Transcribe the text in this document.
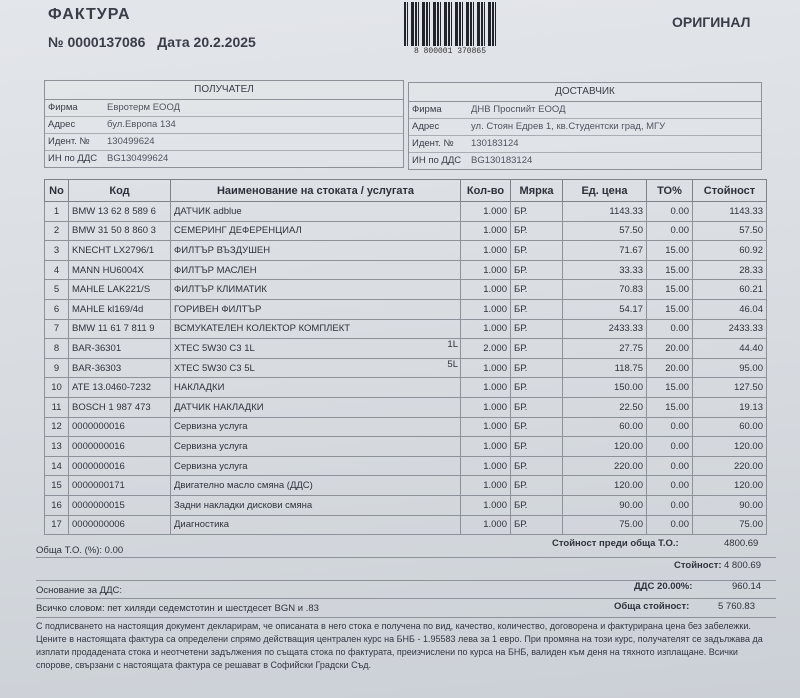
ФАКТУРА
№ 0000137086 Дата 20.2.2025
8 800001 370865
ОРИГИНАЛ
ПОЛУЧАТЕЛ
Фирма	Евротерм ЕООД
Адрес	бул.Европа 134
Идент. № 130499624
ИН по ДДС BG130499624
ДОСТАВЧИК
Фирма	ДНВ Проспийт ЕООД
Адрес	ул. Стоян Едрев 1, кв.Студентски град, МГУ
Идент. № 130183124
ИН по ДДС BG130183124
No	Код	Наименование на стоката / услугата	Кол-во	Мярка	Ед. цена	ТО%	Стойност
1	BMW 13 62 8 589 6	ДАТЧИК adblue	1.000	БР.	1143.33	0.00	1143.33
2	BMW 31 50 8 860 3	СЕМЕРИНГ ДЕФЕРЕНЦИАЛ	1.000	БР.	57.50	0.00	57.50
3	KNECHT LX2796/1	ФИЛТЪР ВЪЗДУШЕН	1.000	БР.	71.67	15.00	60.92
4	MANN HU6004X	ФИЛТЪР МАСЛЕН	1.000	БР.	33.33	15.00	28.33
5	MAHLE LAK221/S	ФИЛТЪР КЛИМАТИК	1.000	БР.	70.83	15.00	60.21
6	MAHLE kl169/4d	ГОРИВЕН ФИЛТЪР	1.000	БР.	54.17	15.00	46.04
7	BMW 11 61 7 811 9	ВСМУКАТЕЛЕН КОЛЕКТОР КОМПЛЕКТ	1.000	БР.	2433.33	0.00	2433.33
8	BAR-36301	XTEC 5W30 C3 1L 1L	2.000	БР.	27.75	20.00	44.40
9	BAR-36303	XTEC 5W30 C3 5L 5L	1.000	БР.	118.75	20.00	95.00
10	ATE 13.0460-7232	НАКЛАДКИ	1.000	БР.	150.00	15.00	127.50
11	BOSCH 1 987 473	ДАТЧИК НАКЛАДКИ	1.000	БР.	22.50	15.00	19.13
12	0000000016	Сервизна услуга	1.000	БР.	60.00	0.00	60.00
13	0000000016	Сервизна услуга	1.000	БР.	120.00	0.00	120.00
14	0000000016	Сервизна услуга	1.000	БР.	220.00	0.00	220.00
15	0000000171	Двигателно масло смяна (ДДС)	1.000	БР.	120.00	0.00	120.00
16	0000000015	Задни накладки дискови смяна	1.000	БР.	90.00	0.00	90.00
17	0000000006	Диагностика	1.000	БР.	75.00	0.00	75.00
Обща Т.О. (%): 0.00
Стойност преди обща Т.О.:	4800.69
Стойност: 4 800.69
Основание за ДДС:	ДДС 20.00%:	960.14
Всичко словом: пет хиляди седемстотин и шестдесет BGN и .83	Обща стойност:	5 760.83
С подписването на настоящия документ декларирам, че описаната в него стока е получена по вид, качество, количество, договорена и фактурирана цена без забележки. Цените в настоящата фактура са определени спрямо действащия централен курс на БНБ - 1.95583 лева за 1 евро. При промяна на този курс, получателят се задължава да изплати продадената стока и неотчетени задължения по същата стока по фактурата, преизчислени по курса на БНБ, валиден към деня на тяхното изплащане. Всички спорове, свързани с настоящата фактура се решават в Софийски Градски Съд.
